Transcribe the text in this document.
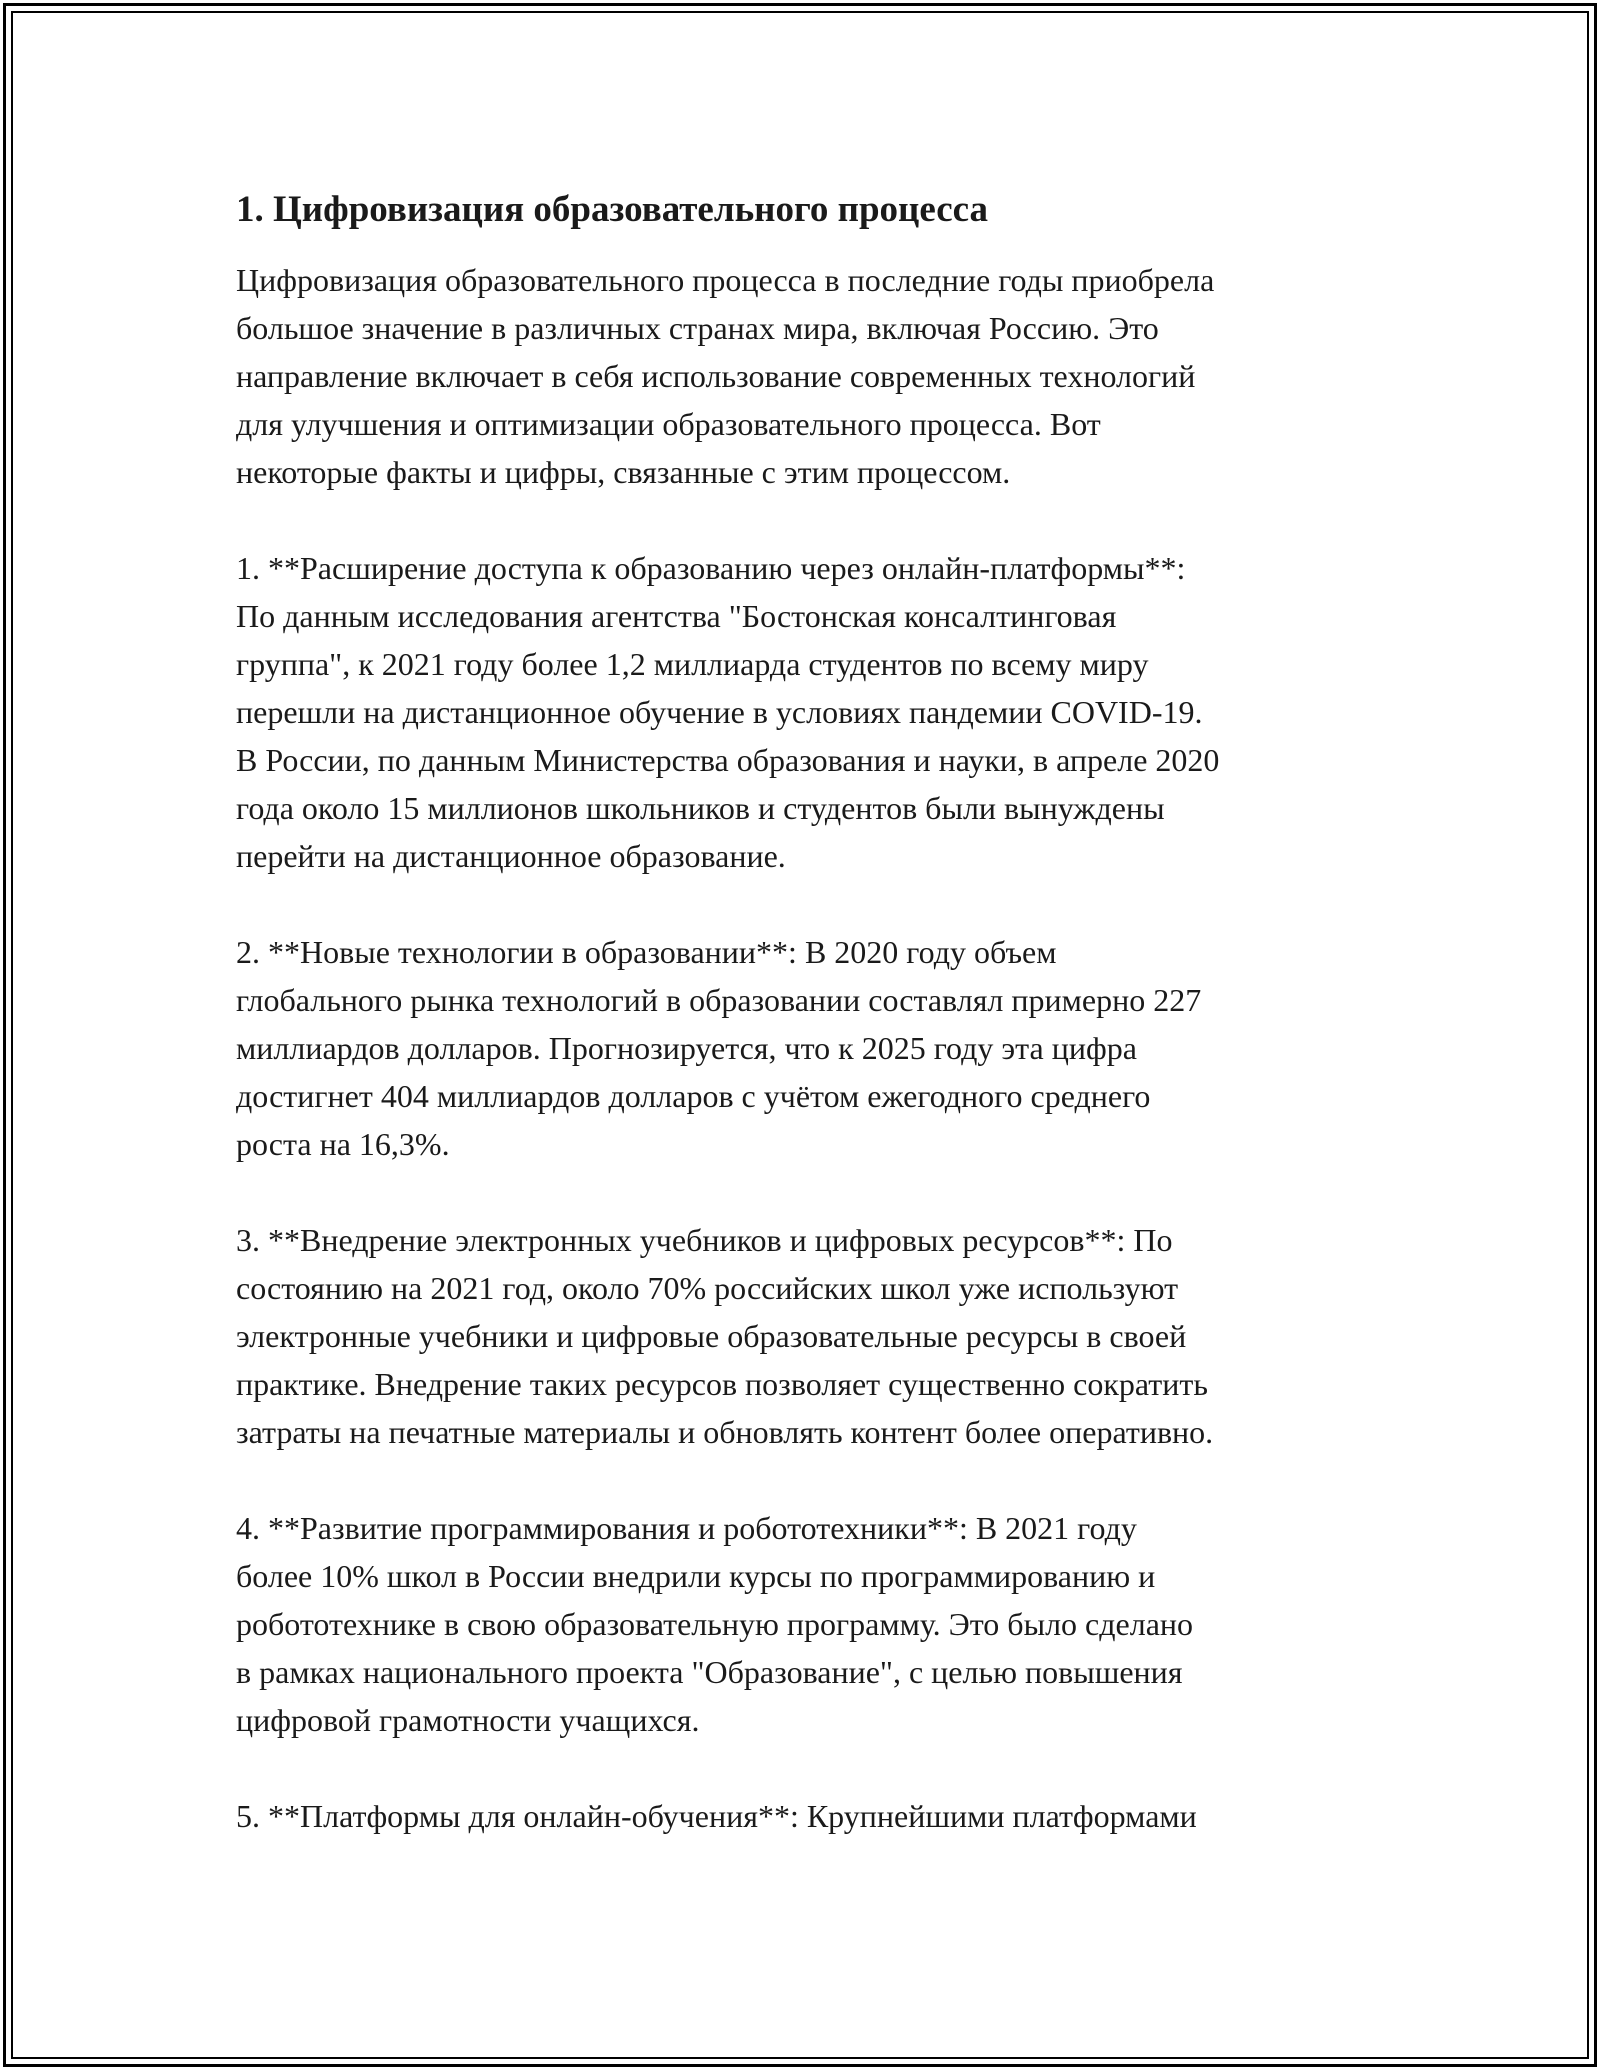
1. Цифровизация образовательного процесса

Цифровизация образовательного процесса в последние годы приобрела
большое значение в различных странах мира, включая Россию. Это
направление включает в себя использование современных технологий
для улучшения и оптимизации образовательного процесса. Вот
некоторые факты и цифры, связанные с этим процессом.

1. **Расширение доступа к образованию через онлайн-платформы**:
По данным исследования агентства "Бостонская консалтинговая
группа", к 2021 году более 1,2 миллиарда студентов по всему миру
перешли на дистанционное обучение в условиях пандемии COVID-19.
В России, по данным Министерства образования и науки, в апреле 2020
года около 15 миллионов школьников и студентов были вынуждены
перейти на дистанционное образование.

2. **Новые технологии в образовании**: В 2020 году объем
глобального рынка технологий в образовании составлял примерно 227
миллиардов долларов. Прогнозируется, что к 2025 году эта цифра
достигнет 404 миллиардов долларов с учётом ежегодного среднего
роста на 16,3%.

3. **Внедрение электронных учебников и цифровых ресурсов**: По
состоянию на 2021 год, около 70% российских школ уже используют
электронные учебники и цифровые образовательные ресурсы в своей
практике. Внедрение таких ресурсов позволяет существенно сократить
затраты на печатные материалы и обновлять контент более оперативно.

4. **Развитие программирования и робототехники**: В 2021 году
более 10% школ в России внедрили курсы по программированию и
робототехнике в свою образовательную программу. Это было сделано
в рамках национального проекта "Образование", с целью повышения
цифровой грамотности учащихся.

5. **Платформы для онлайн-обучения**: Крупнейшими платформами
